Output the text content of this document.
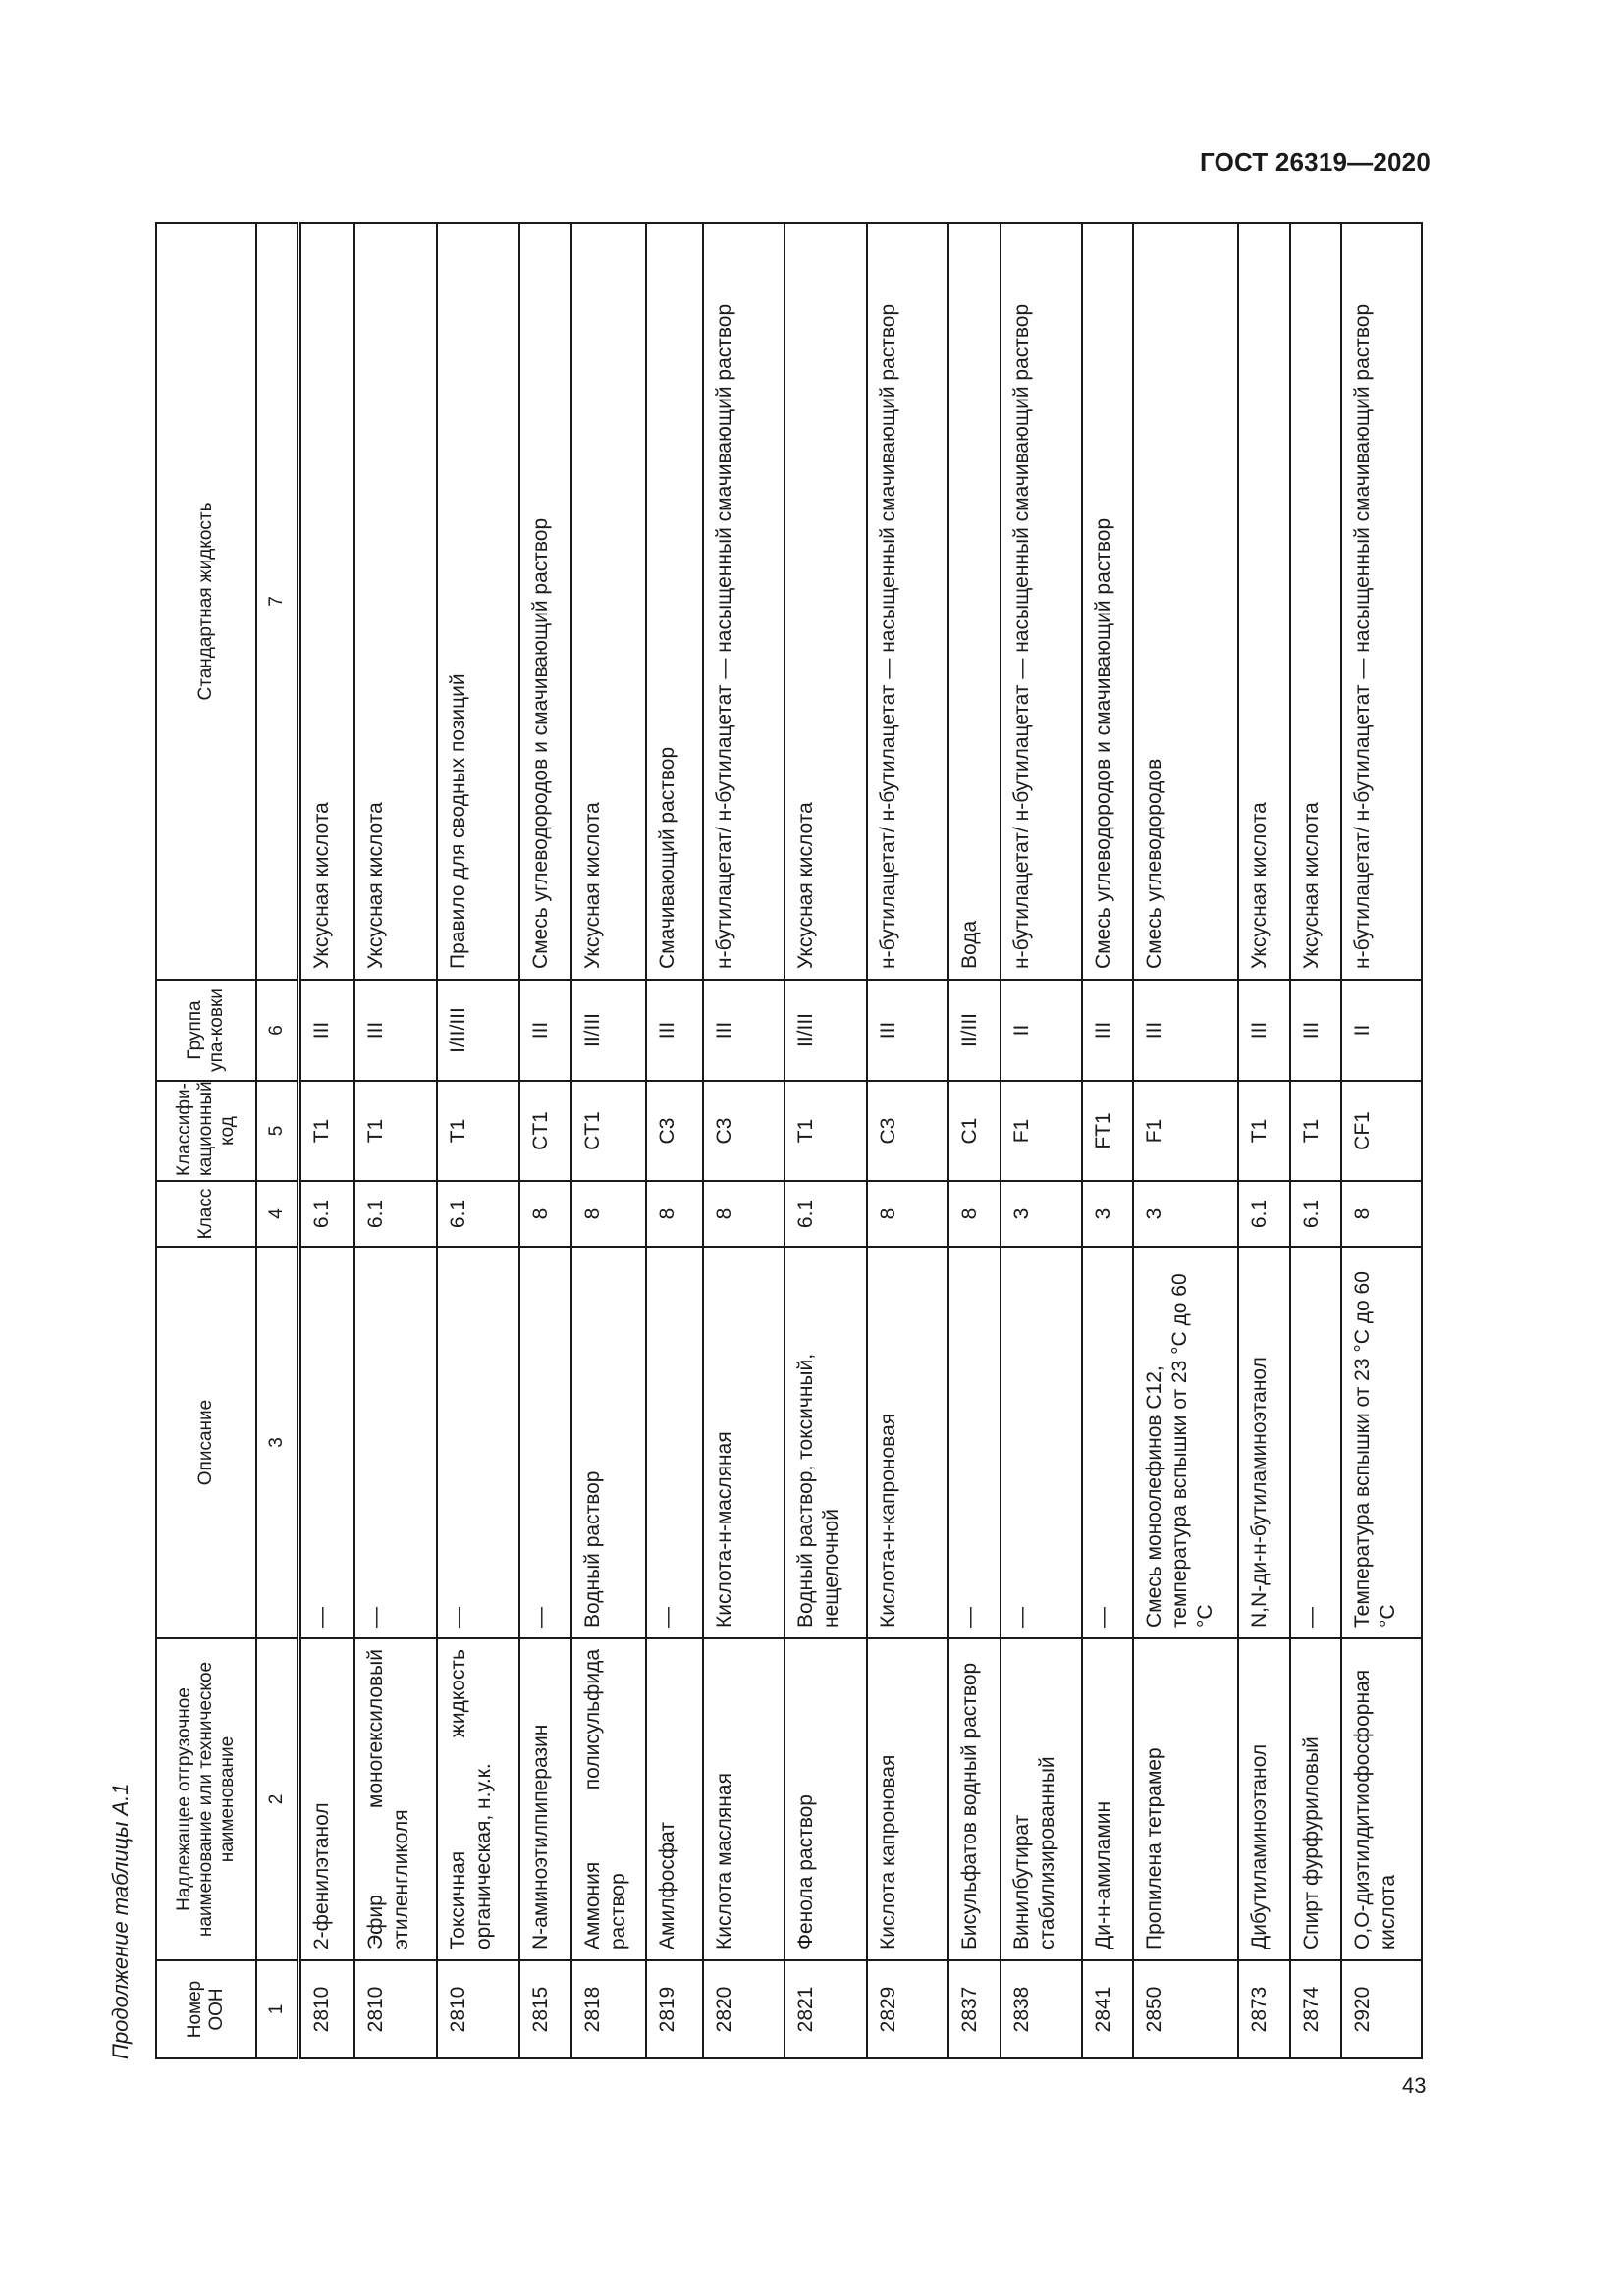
ГОСТ 26319—2020
Продолжение таблицы А.1	Номер ООН	Надлежащее отгрузочное наименование или техническое наименование	Описание	Класс	Классифи-кационный код	Группа упа-ковки	Стандартная жидкость
1	2	3	4	5	6	7
2810	2-фенилэтанол	—	6.1	T1	III	Уксусная кислота
2810	Эфир моногексиловый этиленгликоля	—	6.1	T1	III	Уксусная кислота
2810	Токсичная жидкость органическая, н.у.к.	—	6.1	T1	I/II/III	Правило для сводных позиций
2815	N-аминоэтилпиперазин	—	8	CT1	III	Смесь углеводородов и смачивающий раствор
2818	Аммония полисульфида раствор	Водный раствор	8	CT1	II/III	Уксусная кислота
2819	Амилфосфат	—	8	C3	III	Смачивающий раствор
2820	Кислота масляная	Кислота-н-масляная	8	C3	III	н-бутилацетат/ н-бутилацетат — насыщенный смачивающий раствор
2821	Фенола раствор	Водный раствор, токсичный, нещелочной	6.1	T1	II/III	Уксусная кислота
2829	Кислота капроновая	Кислота-н-капроновая	8	C3	III	н-бутилацетат/ н-бутилацетат — насыщенный смачивающий раствор
2837	Бисульфатов водный раствор	—	8	C1	II/III	Вода
2838	Винилбутират стабилизированный	—	3	F1	II	н-бутилацетат/ н-бутилацетат — насыщенный смачивающий раствор
2841	Ди-н-амиламин	—	3	FT1	III	Смесь углеводородов и смачивающий раствор
2850	Пропилена тетрамер	Смесь моноолефинов C12, температура вспышки от 23 °C до 60 °C	3	F1	III	Смесь углеводородов
2873	Дибутиламиноэтанол	N,N-ди-н-бутиламиноэтанол	6.1	T1	III	Уксусная кислота
2874	Спирт фурфуриловый	—	6.1	T1	III	Уксусная кислота
2920	O,O-диэтилдитиофосфорная кислота	Температура вспышки от 23 °C до 60 °C	8	CF1	II	н-бутилацетат/ н-бутилацетат — насыщенный смачивающий раствор
43
